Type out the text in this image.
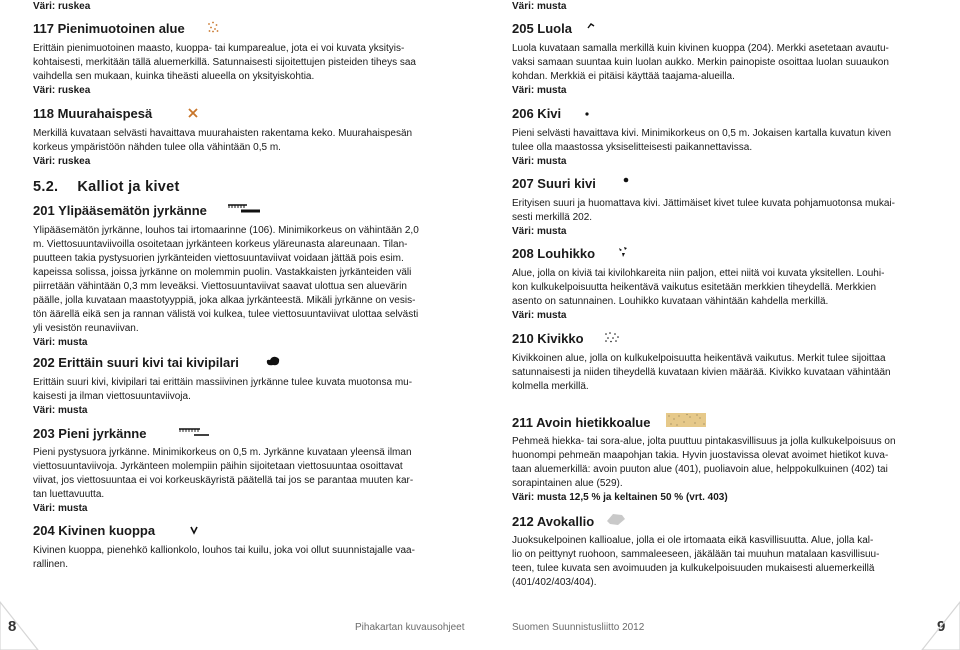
Väri: ruskea
117 Pienimuotoinen alue
Erittäin pienimuotoinen maasto, kuoppa- tai kumparealue, jota ei voi kuvata yksityis-
kohtaisesti, merkitään tällä aluemerkillä. Satunnaisesti sijoitettujen pisteiden tiheys saa
vaihdella sen mukaan, kuinka tiheästi alueella on yksityiskohtia.
Väri: ruskea
118 Muurahaispesä
Merkillä kuvataan selvästi havaittava muurahaisten rakentama keko. Muurahaispesän
korkeus ympäristöön nähden tulee olla vähintään 0,5 m.
Väri: ruskea
5.2. Kalliot ja kivet
201 Ylipääsemätön jyrkänne
Ylipääsemätön jyrkänne, louhos tai irtomaarinne (106). Minimikorkeus on vähintään 2,0
m. Viettosuuntaviivoilla osoitetaan jyrkänteen korkeus yläreunasta alareunaan. Tilan-
puutteen takia pystysuorien jyrkänteiden viettosuuntaviivat voidaan jättää pois esim.
kapeissa solissa, joissa jyrkänne on molemmin puolin. Vastakkaisten jyrkänteiden väli
piirretään vähintään 0,3 mm leveäksi. Viettosuuntaviivat saavat ulottua sen aluevärin
päälle, jolla kuvataan maastotyyppiä, joka alkaa jyrkänteestä. Mikäli jyrkänne on vesis-
tön äärellä eikä sen ja rannan välistä voi kulkea, tulee viettosuuntaviivat ulottaa selvästi
yli vesistön reunaviivan.
Väri: musta
202 Erittäin suuri kivi tai kivipilari
Erittäin suuri kivi, kivipilari tai erittäin massiivinen jyrkänne tulee kuvata muotonsa mu-
kaisesti ja ilman viettosuuntaviivoja.
Väri: musta
203 Pieni jyrkänne
Pieni pystysuora jyrkänne. Minimikorkeus on 0,5 m. Jyrkänne kuvataan yleensä ilman
viettosuuntaviivoja. Jyrkänteen molempiin päihin sijoitetaan viettosuuntaa osoittavat
viivat, jos viettosuuntaa ei voi korkeuskäyristä päätellä tai jos se parantaa muuten kar-
tan luettavuutta.
Väri: musta
204 Kivinen kuoppa
Kivinen kuoppa, pienehkö kallionkolo, louhos tai kuilu, joka voi ollut suunnistajalle vaa-
rallinen.
Väri: musta
205 Luola
Luola kuvataan samalla merkillä kuin kivinen kuoppa (204). Merkki asetetaan avautu-
vaksi samaan suuntaa kuin luolan aukko. Merkin painopiste osoittaa luolan suuaukon
kohdan. Merkkiä ei pitäisi käyttää taajama-alueilla.
Väri: musta
206 Kivi
Pieni selvästi havaittava kivi. Minimikorkeus on 0,5 m. Jokaisen kartalla kuvatun kiven
tulee olla maastossa yksiselitteisesti paikannettavissa.
Väri: musta
207 Suuri kivi
Erityisen suuri ja huomattava kivi. Jättimäiset kivet tulee kuvata pohjamuotonsa mukai-
sesti merkillä 202.
Väri: musta
208 Louhikko
Alue, jolla on kiviä tai kivilohkareita niin paljon, ettei niitä voi kuvata yksitellen. Louhi-
kon kulkukelpoisuutta heikentävä vaikutus esitetään merkkien tiheydellä. Merkkien
asento on satunnainen. Louhikko kuvataan vähintään kahdella merkillä.
Väri: musta
210 Kivikko
Kivikkoinen alue, jolla on kulkukelpoisuutta heikentävä vaikutus. Merkit tulee sijoittaa
satunnaisesti ja niiden tiheydellä kuvataan kivien määrää. Kivikko kuvataan vähintään
kolmella merkillä.
211 Avoin hietikkoalue
Pehmeä hiekka- tai sora-alue, jolta puuttuu pintakasvillisuus ja jolla kulkukelpoisuus on
huonompi pehmeän maapohjan takia. Hyvin juostavissa olevat avoimet hietikot kuva-
taan aluemerkillä: avoin puuton alue (401), puoliavoin alue, helppokulkuinen (402) tai
sorapintainen alue (529).
Väri: musta 12,5 % ja keltainen 50 % (vrt. 403)
212 Avokallio
Juoksukelpoinen kallioalue, jolla ei ole irtomaata eikä kasvillisuutta. Alue, jolla kal-
lio on peittynyt ruohoon, sammaleeseen, jäkälään tai muuhun matalaan kasvillisuu-
teen, tulee kuvata sen avoimuuden ja kulkukelpoisuuden mukaisesti aluemerkeillä
(401/402/403/404).
8	Pihakartan kuvausohjeet	Suomen Suunnistusliitto 2012	9
